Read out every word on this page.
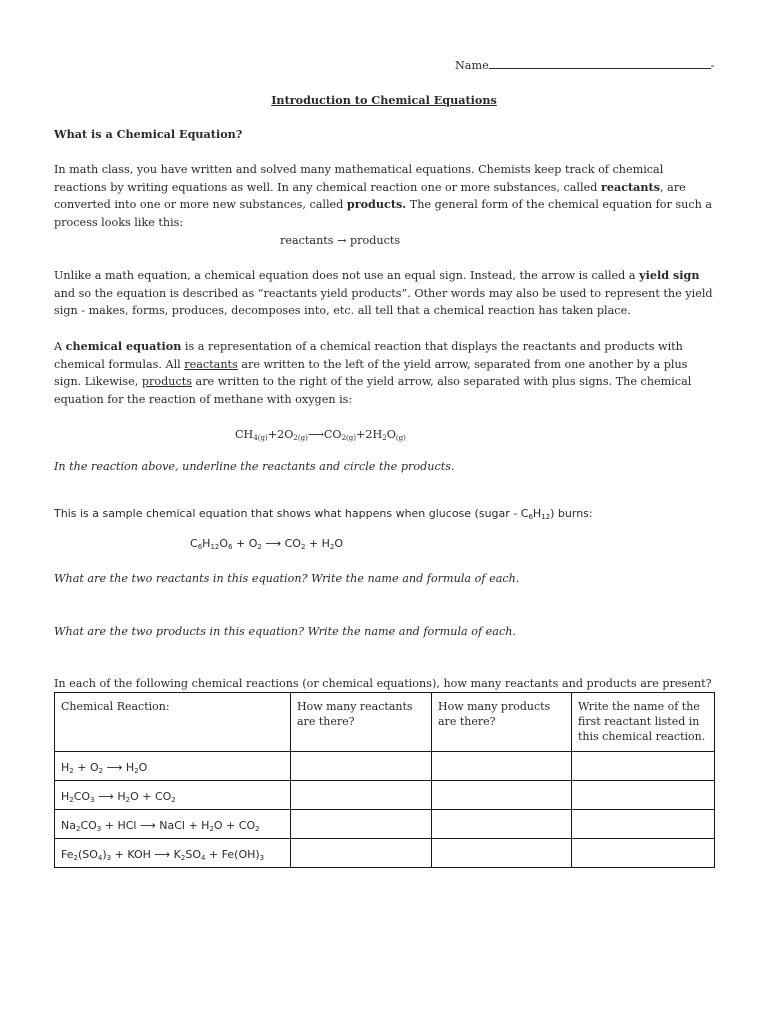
Name	-
Introduction to Chemical Equations
What is a Chemical Equation?
In math class, you have written and solved many mathematical equations. Chemists keep track of chemical reactions by writing equations as well. In any chemical reaction one or more substances, called reactants, are converted into one or more new substances, called products. The general form of the chemical equation for such a process looks like this:
reactants → products
Unlike a math equation, a chemical equation does not use an equal sign. Instead, the arrow is called a yield sign and so the equation is described as “reactants yield products”. Other words may also be used to represent the yield sign - makes, forms, produces, decomposes into, etc. all tell that a chemical reaction has taken place.
A chemical equation is a representation of a chemical reaction that displays the reactants and products with chemical formulas. All reactants are written to the left of the yield arrow, separated from one another by a plus sign. Likewise, products are written to the right of the yield arrow, also separated with plus signs. The chemical equation for the reaction of methane with oxygen is:
$CH_{4(g)}+2O_{2(g)}⟶CO_{2(g)}+2H_2O_{(g)}$
In the reaction above, underline the reactants and circle the products.
This is a sample chemical equation that shows what happens when glucose (sugar - $C_6H_{12}$) burns:
$C_6H_{12}O_6 + O_2$ ⟶ $CO_2 + H_2O$
What are the two reactants in this equation? Write the name and formula of each.
What are the two products in this equation? Write the name and formula of each.
In each of the following chemical reactions (or chemical equations), how many reactants and products are present?
Chemical Reaction:	How many reactants are there?	How many products are there?	Write the name of the first reactant listed in this chemical reaction.
$H_2 + O_2$ ⟶ $H_2O$			
$H_2CO_3$ ⟶ $H_2O + CO_2$			
$Na_2CO_3$ + HCl ⟶ NaCl + $H_2O + CO_2$			
$Fe_2(SO_4)_3$ + KOH ⟶ $K_2SO_4 + Fe(OH)_3$			
